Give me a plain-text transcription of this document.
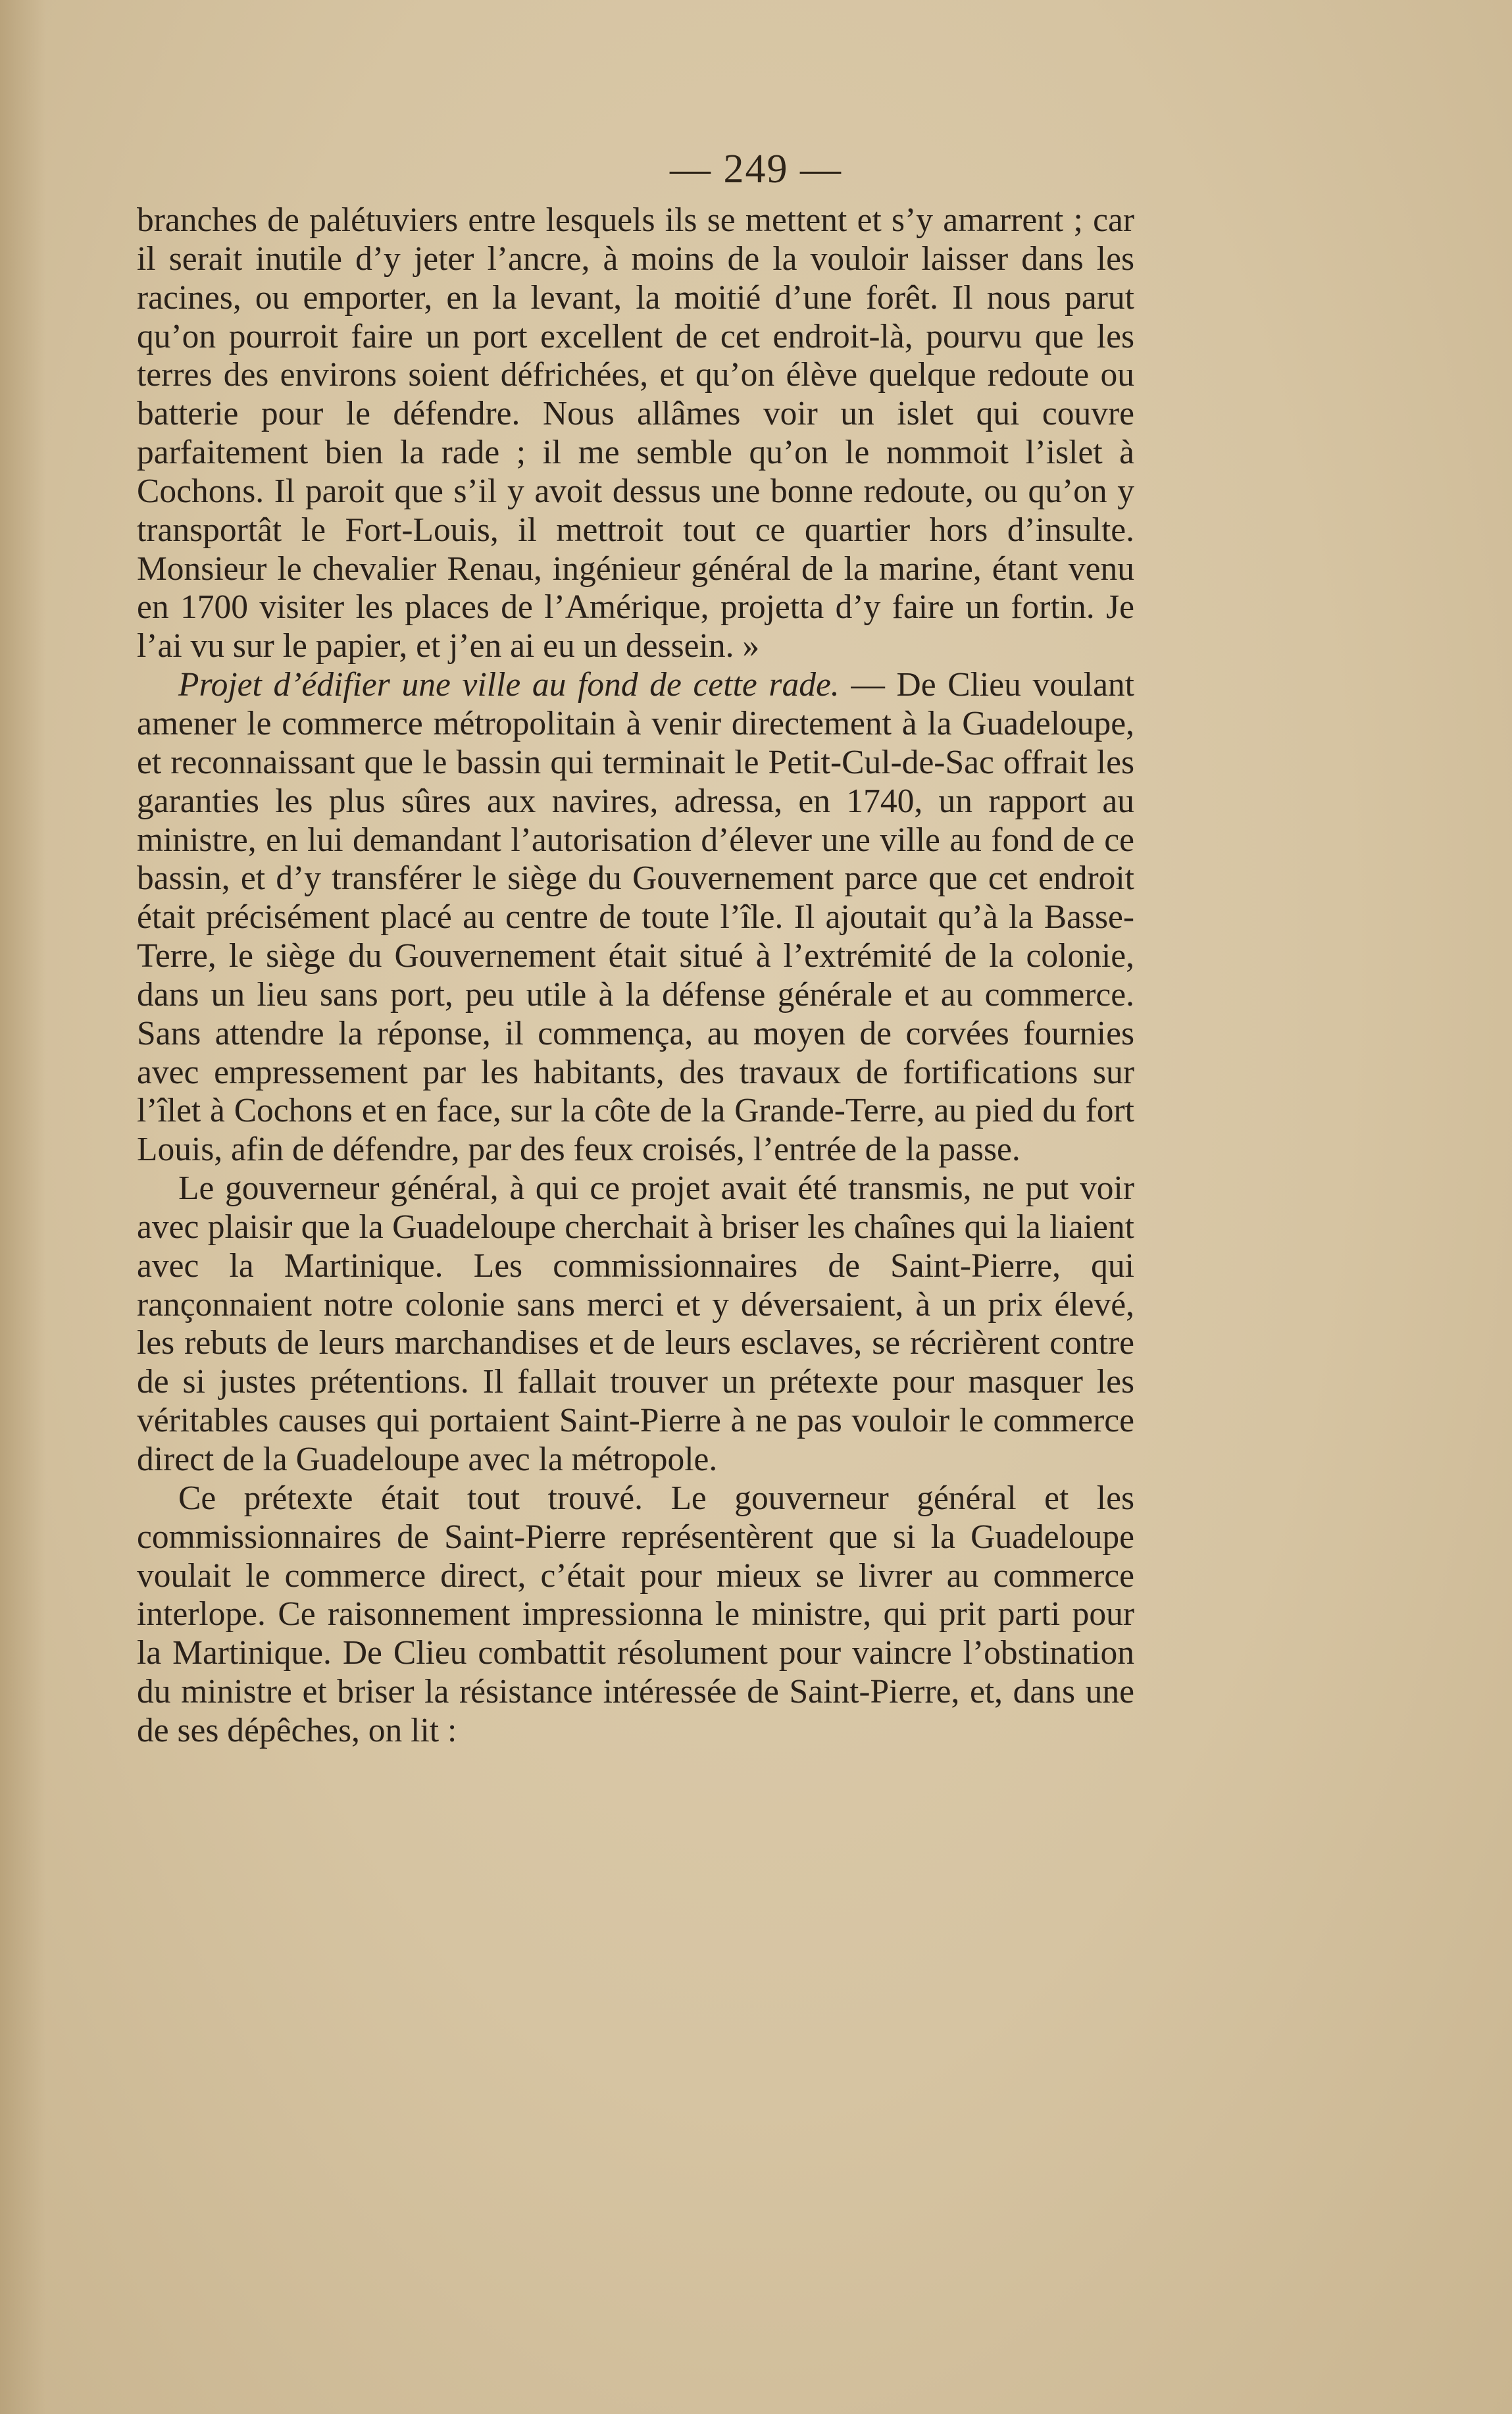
— 249 —

branches de palétuviers entre lesquels ils se mettent et s’y amarrent ; car il serait inutile d’y jeter l’ancre, à moins de la vouloir laisser dans les racines, ou emporter, en la levant, la moitié d’une forêt. Il nous parut qu’on pourroit faire un port excellent de cet endroit-là, pourvu que les terres des environs soient défrichées, et qu’on élève quelque redoute ou batterie pour le défendre. Nous allâmes voir un islet qui couvre parfaitement bien la rade ; il me semble qu’on le nommoit l’islet à Cochons. Il paroit que s’il y avoit dessus une bonne redoute, ou qu’on y transportât le Fort-Louis, il mettroit tout ce quartier hors d’insulte. Monsieur le chevalier Renau, ingénieur général de la marine, étant venu en 1700 visiter les places de l’Amérique, projetta d’y faire un fortin. Je l’ai vu sur le papier, et j’en ai eu un dessein. »

Projet d’édifier une ville au fond de cette rade. — De Clieu voulant amener le commerce métropolitain à venir directement à la Guadeloupe, et reconnaissant que le bassin qui terminait le Petit-Cul-de-Sac offrait les garanties les plus sûres aux navires, adressa, en 1740, un rapport au ministre, en lui demandant l’autorisation d’élever une ville au fond de ce bassin, et d’y transférer le siège du Gouvernement parce que cet endroit était précisément placé au centre de toute l’île. Il ajoutait qu’à la Basse-Terre, le siège du Gouvernement était situé à l’extrémité de la colonie, dans un lieu sans port, peu utile à la défense générale et au commerce. Sans attendre la réponse, il commença, au moyen de corvées fournies avec empressement par les habitants, des travaux de fortifications sur l’îlet à Cochons et en face, sur la côte de la Grande-Terre, au pied du fort Louis, afin de défendre, par des feux croisés, l’entrée de la passe.

Le gouverneur général, à qui ce projet avait été transmis, ne put voir avec plaisir que la Guadeloupe cherchait à briser les chaînes qui la liaient avec la Martinique. Les commissionnaires de Saint-Pierre, qui rançonnaient notre colonie sans merci et y déversaient, à un prix élevé, les rebuts de leurs marchandises et de leurs esclaves, se récrièrent contre de si justes prétentions. Il fallait trouver un prétexte pour masquer les véritables causes qui portaient Saint-Pierre à ne pas vouloir le commerce direct de la Guadeloupe avec la métropole.

Ce prétexte était tout trouvé. Le gouverneur général et les commissionnaires de Saint-Pierre représentèrent que si la Guadeloupe voulait le commerce direct, c’était pour mieux se livrer au commerce interlope. Ce raisonnement impressionna le ministre, qui prit parti pour la Martinique. De Clieu combattit résolument pour vaincre l’obstination du ministre et briser la résistance intéressée de Saint-Pierre, et, dans une de ses dépêches, on lit :
